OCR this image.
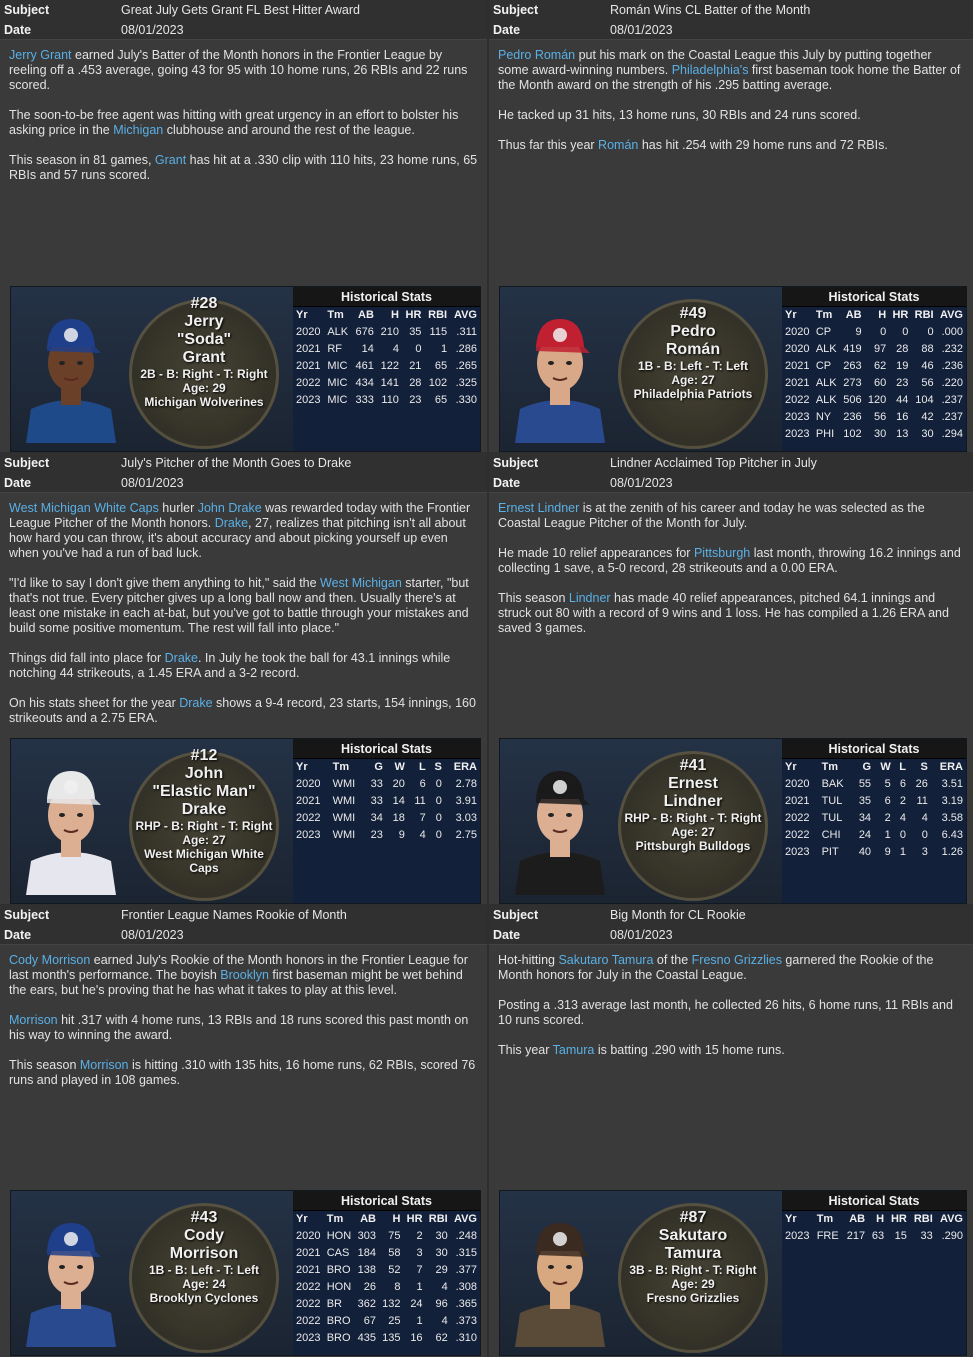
Subject	Great July Gets Grant FL Best Hitter Award
Date	08/01/2023

Jerry Grant earned July's Batter of the Month honors in the Frontier League by reeling off a .453 average, going 43 for 95 with 10 home runs, 26 RBIs and 22 runs scored.

The soon-to-be free agent was hitting with great urgency in an effort to bolster his asking price in the Michigan clubhouse and around the rest of the league.

This season in 81 games, Grant has hit at a .330 clip with 110 hits, 23 home runs, 65 RBIs and 57 runs scored.

#28
Jerry
"Soda"
Grant
2B - B: Right - T: Right
Age: 29
Michigan Wolverines
Historical Stats
Yr	Tm	AB	H	HR	RBI	AVG
2020	ALK	676	210	35	115	.311
2021	RF	14	4	0	1	.286
2021	MIC	461	122	21	65	.265
2022	MIC	434	141	28	102	.325
2023	MIC	333	110	23	65	.330
Subject	Román Wins CL Batter of the Month
Date	08/01/2023

Pedro Román put his mark on the Coastal League this July by putting together some award-winning numbers. Philadelphia's first baseman took home the Batter of the Month award on the strength of his .295 batting average.

He tacked up 31 hits, 13 home runs, 30 RBIs and 24 runs scored.

Thus far this year Román has hit .254 with 29 home runs and 72 RBIs.

#49
Pedro
Román
1B - B: Left - T: Left
Age: 27
Philadelphia Patriots
Historical Stats
Yr	Tm	AB	H	HR	RBI	AVG
2020	CP	9	0	0	0	.000
2020	ALK	419	97	28	88	.232
2021	CP	263	62	19	46	.236
2021	ALK	273	60	23	56	.220
2022	ALK	506	120	44	104	.237
2023	NY	236	56	16	42	.237
2023	PHI	102	30	13	30	.294
Subject	July's Pitcher of the Month Goes to Drake
Date	08/01/2023

West Michigan White Caps hurler John Drake was rewarded today with the Frontier League Pitcher of the Month honors. Drake, 27, realizes that pitching isn't all about how hard you can throw, it's about accuracy and about picking yourself up even when you've had a run of bad luck.

"I'd like to say I don't give them anything to hit," said the West Michigan starter, "but that's not true. Every pitcher gives up a long ball now and then. Usually there's at least one mistake in each at-bat, but you've got to battle through your mistakes and build some positive momentum. The rest will fall into place."

Things did fall into place for Drake. In July he took the ball for 43.1 innings while notching 44 strikeouts, a 1.45 ERA and a 3-2 record.

On his stats sheet for the year Drake shows a 9-4 record, 23 starts, 154 innings, 160 strikeouts and a 2.75 ERA.

#12
John
"Elastic Man"
Drake
RHP - B: Right - T: Right
Age: 27
West Michigan White Caps
Historical Stats
Yr	Tm	G	W	L	S	ERA
2020	WMI	33	20	6	0	2.78
2021	WMI	33	14	11	0	3.91
2022	WMI	34	18	7	0	3.03
2023	WMI	23	9	4	0	2.75
Subject	Lindner Acclaimed Top Pitcher in July
Date	08/01/2023

Ernest Lindner is at the zenith of his career and today he was selected as the Coastal League Pitcher of the Month for July.

He made 10 relief appearances for Pittsburgh last month, throwing 16.2 innings and collecting 1 save, a 5-0 record, 28 strikeouts and a 0.00 ERA.

This season Lindner has made 40 relief appearances, pitched 64.1 innings and struck out 80 with a record of 9 wins and 1 loss. He has compiled a 1.26 ERA and saved 3 games.

#41
Ernest
Lindner
RHP - B: Right - T: Right
Age: 27
Pittsburgh Bulldogs
Historical Stats
Yr	Tm	G	W	L	S	ERA
2020	BAK	55	5	6	26	3.51
2021	TUL	35	6	2	11	3.19
2022	TUL	34	2	4	4	3.58
2022	CHI	24	1	0	0	6.43
2023	PIT	40	9	1	3	1.26
Subject	Frontier League Names Rookie of Month
Date	08/01/2023

Cody Morrison earned July's Rookie of the Month honors in the Frontier League for last month's performance. The boyish Brooklyn first baseman might be wet behind the ears, but he's proving that he has what it takes to play at this level.

Morrison hit .317 with 4 home runs, 13 RBIs and 18 runs scored this past month on his way to winning the award.

This season Morrison is hitting .310 with 135 hits, 16 home runs, 62 RBIs, scored 76 runs and played in 108 games.

#43
Cody
Morrison
1B - B: Left - T: Left
Age: 24
Brooklyn Cyclones
Historical Stats
Yr	Tm	AB	H	HR	RBI	AVG
2020	HON	303	75	2	30	.248
2021	CAS	184	58	3	30	.315
2021	BRO	138	52	7	29	.377
2022	HON	26	8	1	4	.308
2022	BR	362	132	24	96	.365
2022	BRO	67	25	1	4	.373
2023	BRO	435	135	16	62	.310
Subject	Big Month for CL Rookie
Date	08/01/2023

Hot-hitting Sakutaro Tamura of the Fresno Grizzlies garnered the Rookie of the Month honors for July in the Coastal League.

Posting a .313 average last month, he collected 26 hits, 6 home runs, 11 RBIs and 10 runs scored.

This year Tamura is batting .290 with 15 home runs.

#87
Sakutaro
Tamura
3B - B: Right - T: Right
Age: 29
Fresno Grizzlies
Historical Stats
Yr	Tm	AB	H	HR	RBI	AVG
2023	FRE	217	63	15	33	.290
